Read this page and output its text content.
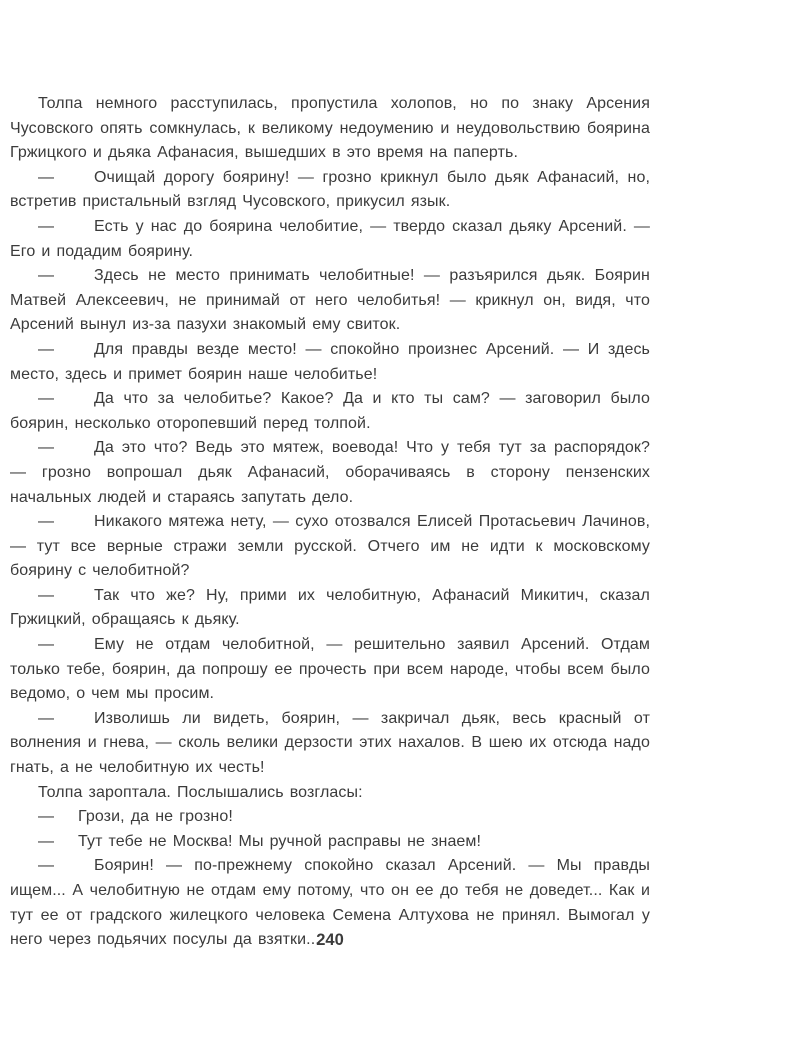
Толпа немного расступилась, пропустила холопов, но по знаку Арсения Чусовского опять сомкнулась, к великому недоумению и неудовольствию боярина Гржицкого и дьяка Афанасия, вышедших в это время на паперть.

— Очищай дорогу боярину! — грозно крикнул было дьяк Афанасий, но, встретив пристальный взгляд Чусовского, прикусил язык.

— Есть у нас до боярина челобитие, — твердо сказал дьяку Арсений. — Его и подадим боярину.

— Здесь не место принимать челобитные! — разъярился дьяк. Боярин Матвей Алексеевич, не принимай от него челобитья! — крикнул он, видя, что Арсений вынул из-за пазухи знакомый ему свиток.

— Для правды везде место! — спокойно произнес Арсений. — И здесь место, здесь и примет боярин наше челобитье!

— Да что за челобитье? Какое? Да и кто ты сам? — заговорил было боярин, несколько оторопевший перед толпой.

— Да это что? Ведь это мятеж, воевода! Что у тебя тут за распорядок? — грозно вопрошал дьяк Афанасий, оборачиваясь в сторону пензенских начальных людей и стараясь запутать дело.

— Никакого мятежа нету, — сухо отозвался Елисей Протасьевич Лачинов, — тут все верные стражи земли русской. Отчего им не идти к московскому боярину с челобитной?

— Так что же? Ну, прими их челобитную, Афанасий Микитич, сказал Гржицкий, обращаясь к дьяку.

— Ему не отдам челобитной, — решительно заявил Арсений. Отдам только тебе, боярин, да попрошу ее прочесть при всем народе, чтобы всем было ведомо, о чем мы просим.

— Изволишь ли видеть, боярин, — закричал дьяк, весь красный от волнения и гнева, — сколь велики дерзости этих нахалов. В шею их отсюда надо гнать, а не челобитную их честь!

Толпа зароптала. Послышались возгласы:

— Грози, да не грозно!

— Тут тебе не Москва! Мы ручной расправы не знаем!

— Боярин! — по-прежнему спокойно сказал Арсений. — Мы правды ищем... А челобитную не отдам ему потому, что он ее до тебя не доведет... Как и тут ее от градского жилецкого человека Семена Алтухова не принял. Вымогал у него через подьячих посулы да взятки...

240
